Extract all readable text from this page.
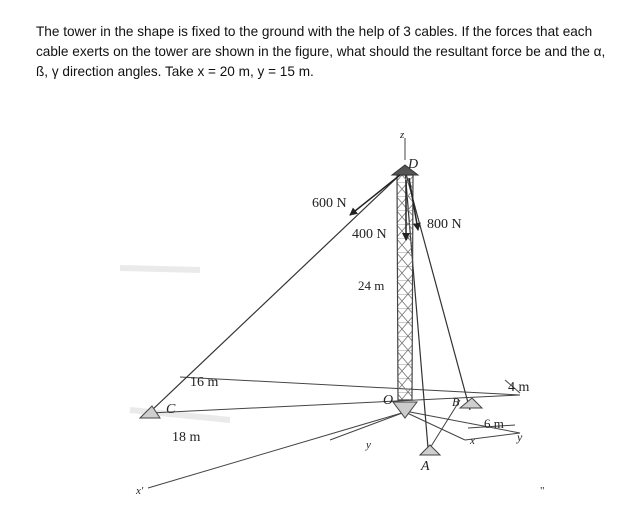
The tower in the shape is fixed to the ground with the help of 3 cables. If the forces that each cable exerts on the tower are shown in the figure, what should the resultant force be and the α, ß, γ direction angles. Take x = 20 m, y = 15 m.

z
D
600 N
400 N
800 N
24 m
16 m
C
18 m
O	B
4 m
6 m
y
x
y
A
x′	"
